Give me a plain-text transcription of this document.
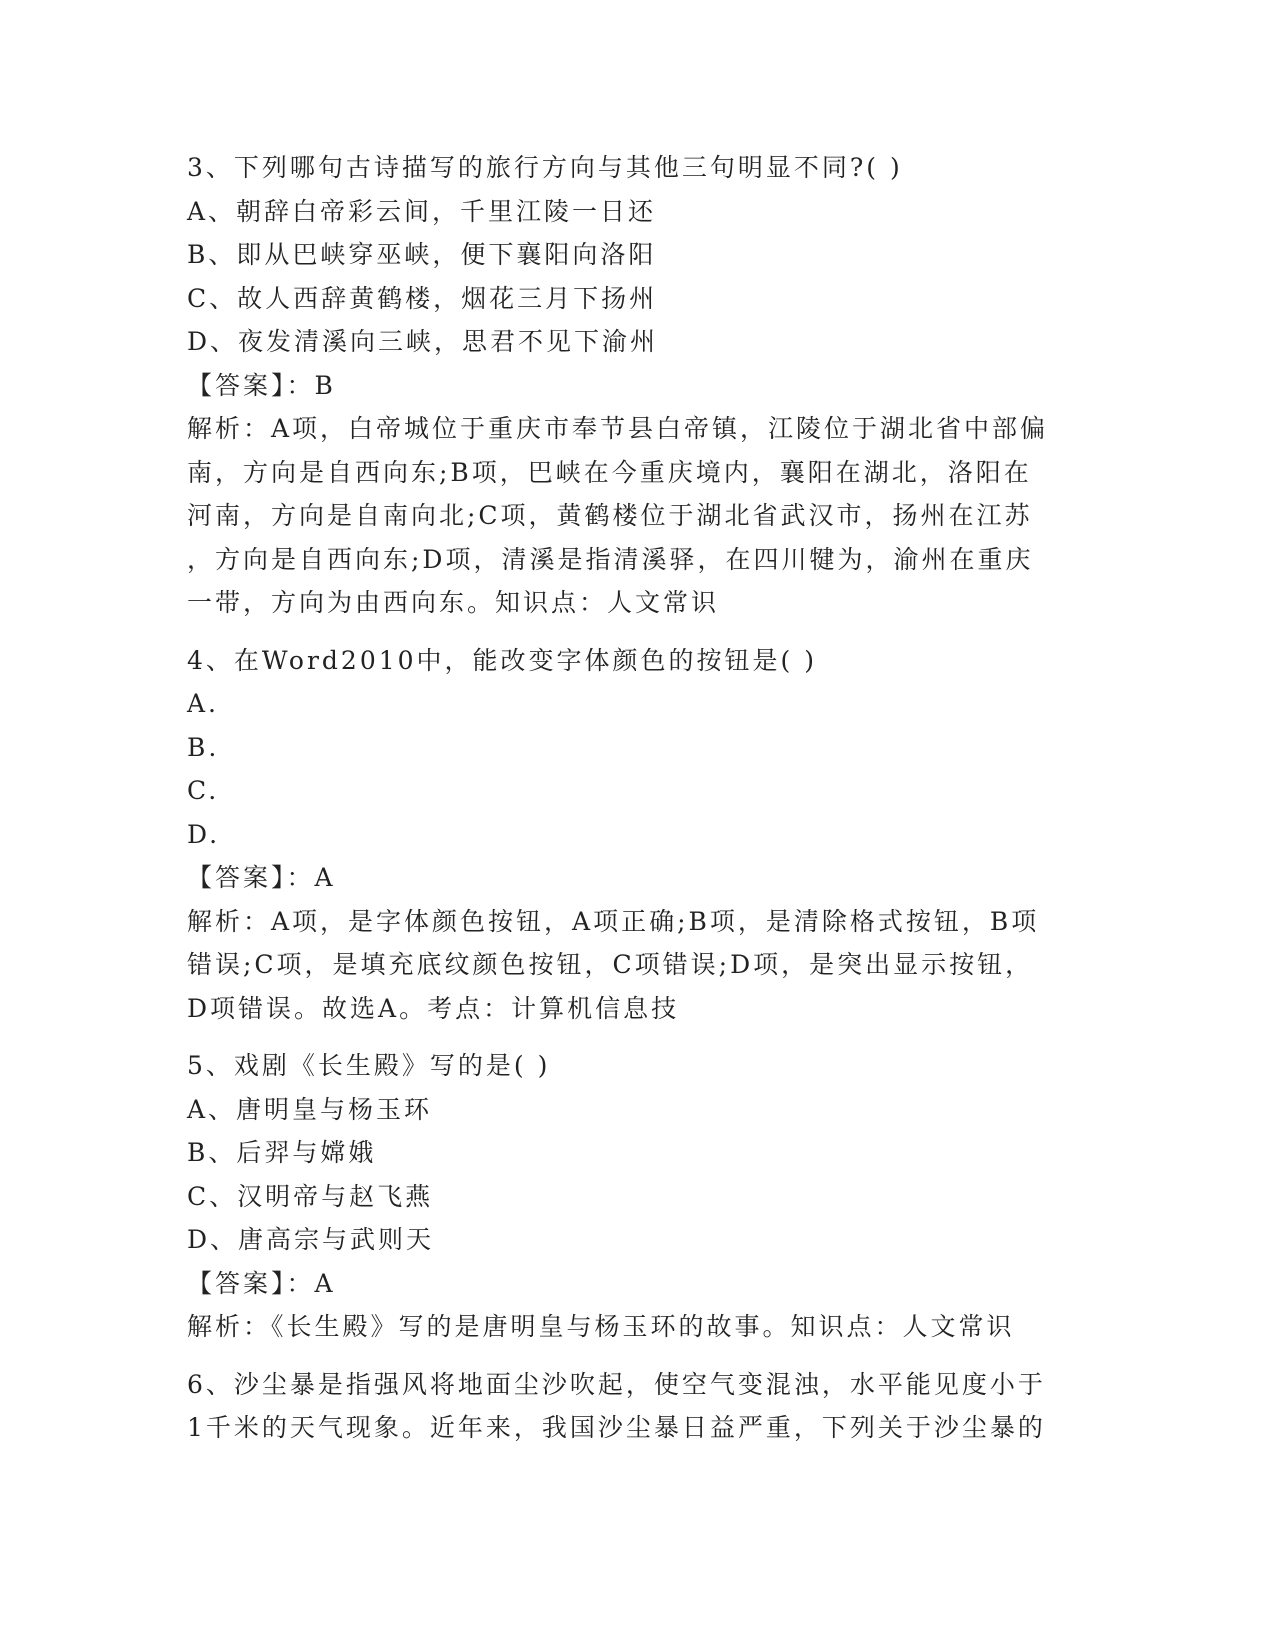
3、下列哪句古诗描写的旅行方向与其他三句明显不同?( )

A、朝辞白帝彩云间，千里江陵一日还

B、即从巴峡穿巫峡，便下襄阳向洛阳

C、故人西辞黄鹤楼，烟花三月下扬州

D、夜发清溪向三峡，思君不见下渝州

【答案】：B

解析：A项，白帝城位于重庆市奉节县白帝镇，江陵位于湖北省中部偏

南，方向是自西向东;B项，巴峡在今重庆境内，襄阳在湖北，洛阳在

河南，方向是自南向北;C项，黄鹤楼位于湖北省武汉市，扬州在江苏

，方向是自西向东;D项，清溪是指清溪驿，在四川犍为，渝州在重庆

一带，方向为由西向东。知识点：人文常识

4、在Word2010中，能改变字体颜色的按钮是( )

A.

B.

C.

D.

【答案】：A

解析：A项，是字体颜色按钮，A项正确;B项，是清除格式按钮，B项

错误;C项，是填充底纹颜色按钮，C项错误;D项，是突出显示按钮，

D项错误。故选A。考点：计算机信息技

5、戏剧《长生殿》写的是( )

A、唐明皇与杨玉环

B、后羿与嫦娥

C、汉明帝与赵飞燕

D、唐高宗与武则天

【答案】：A

解析：《长生殿》写的是唐明皇与杨玉环的故事。知识点：人文常识

6、沙尘暴是指强风将地面尘沙吹起，使空气变混浊，水平能见度小于

1千米的天气现象。近年来，我国沙尘暴日益严重，下列关于沙尘暴的
